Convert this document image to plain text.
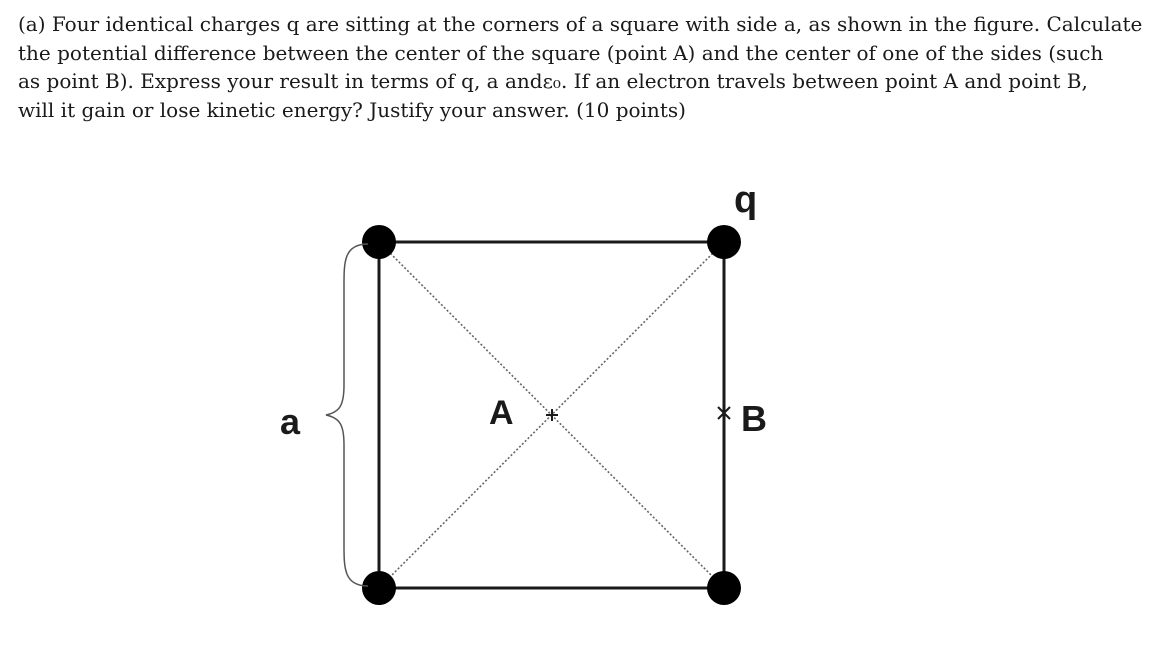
(a) Four identical charges q are sitting at the corners of a square with side a, as shown in the figure. Calculate
the potential difference between the center of the square (point A) and the center of one of the sides (such
as point B). Express your result in terms of q, a andε₀. If an electron travels between point A and point B,
will it gain or lose kinetic energy? Justify your answer. (10 points)
q
a	A	B
